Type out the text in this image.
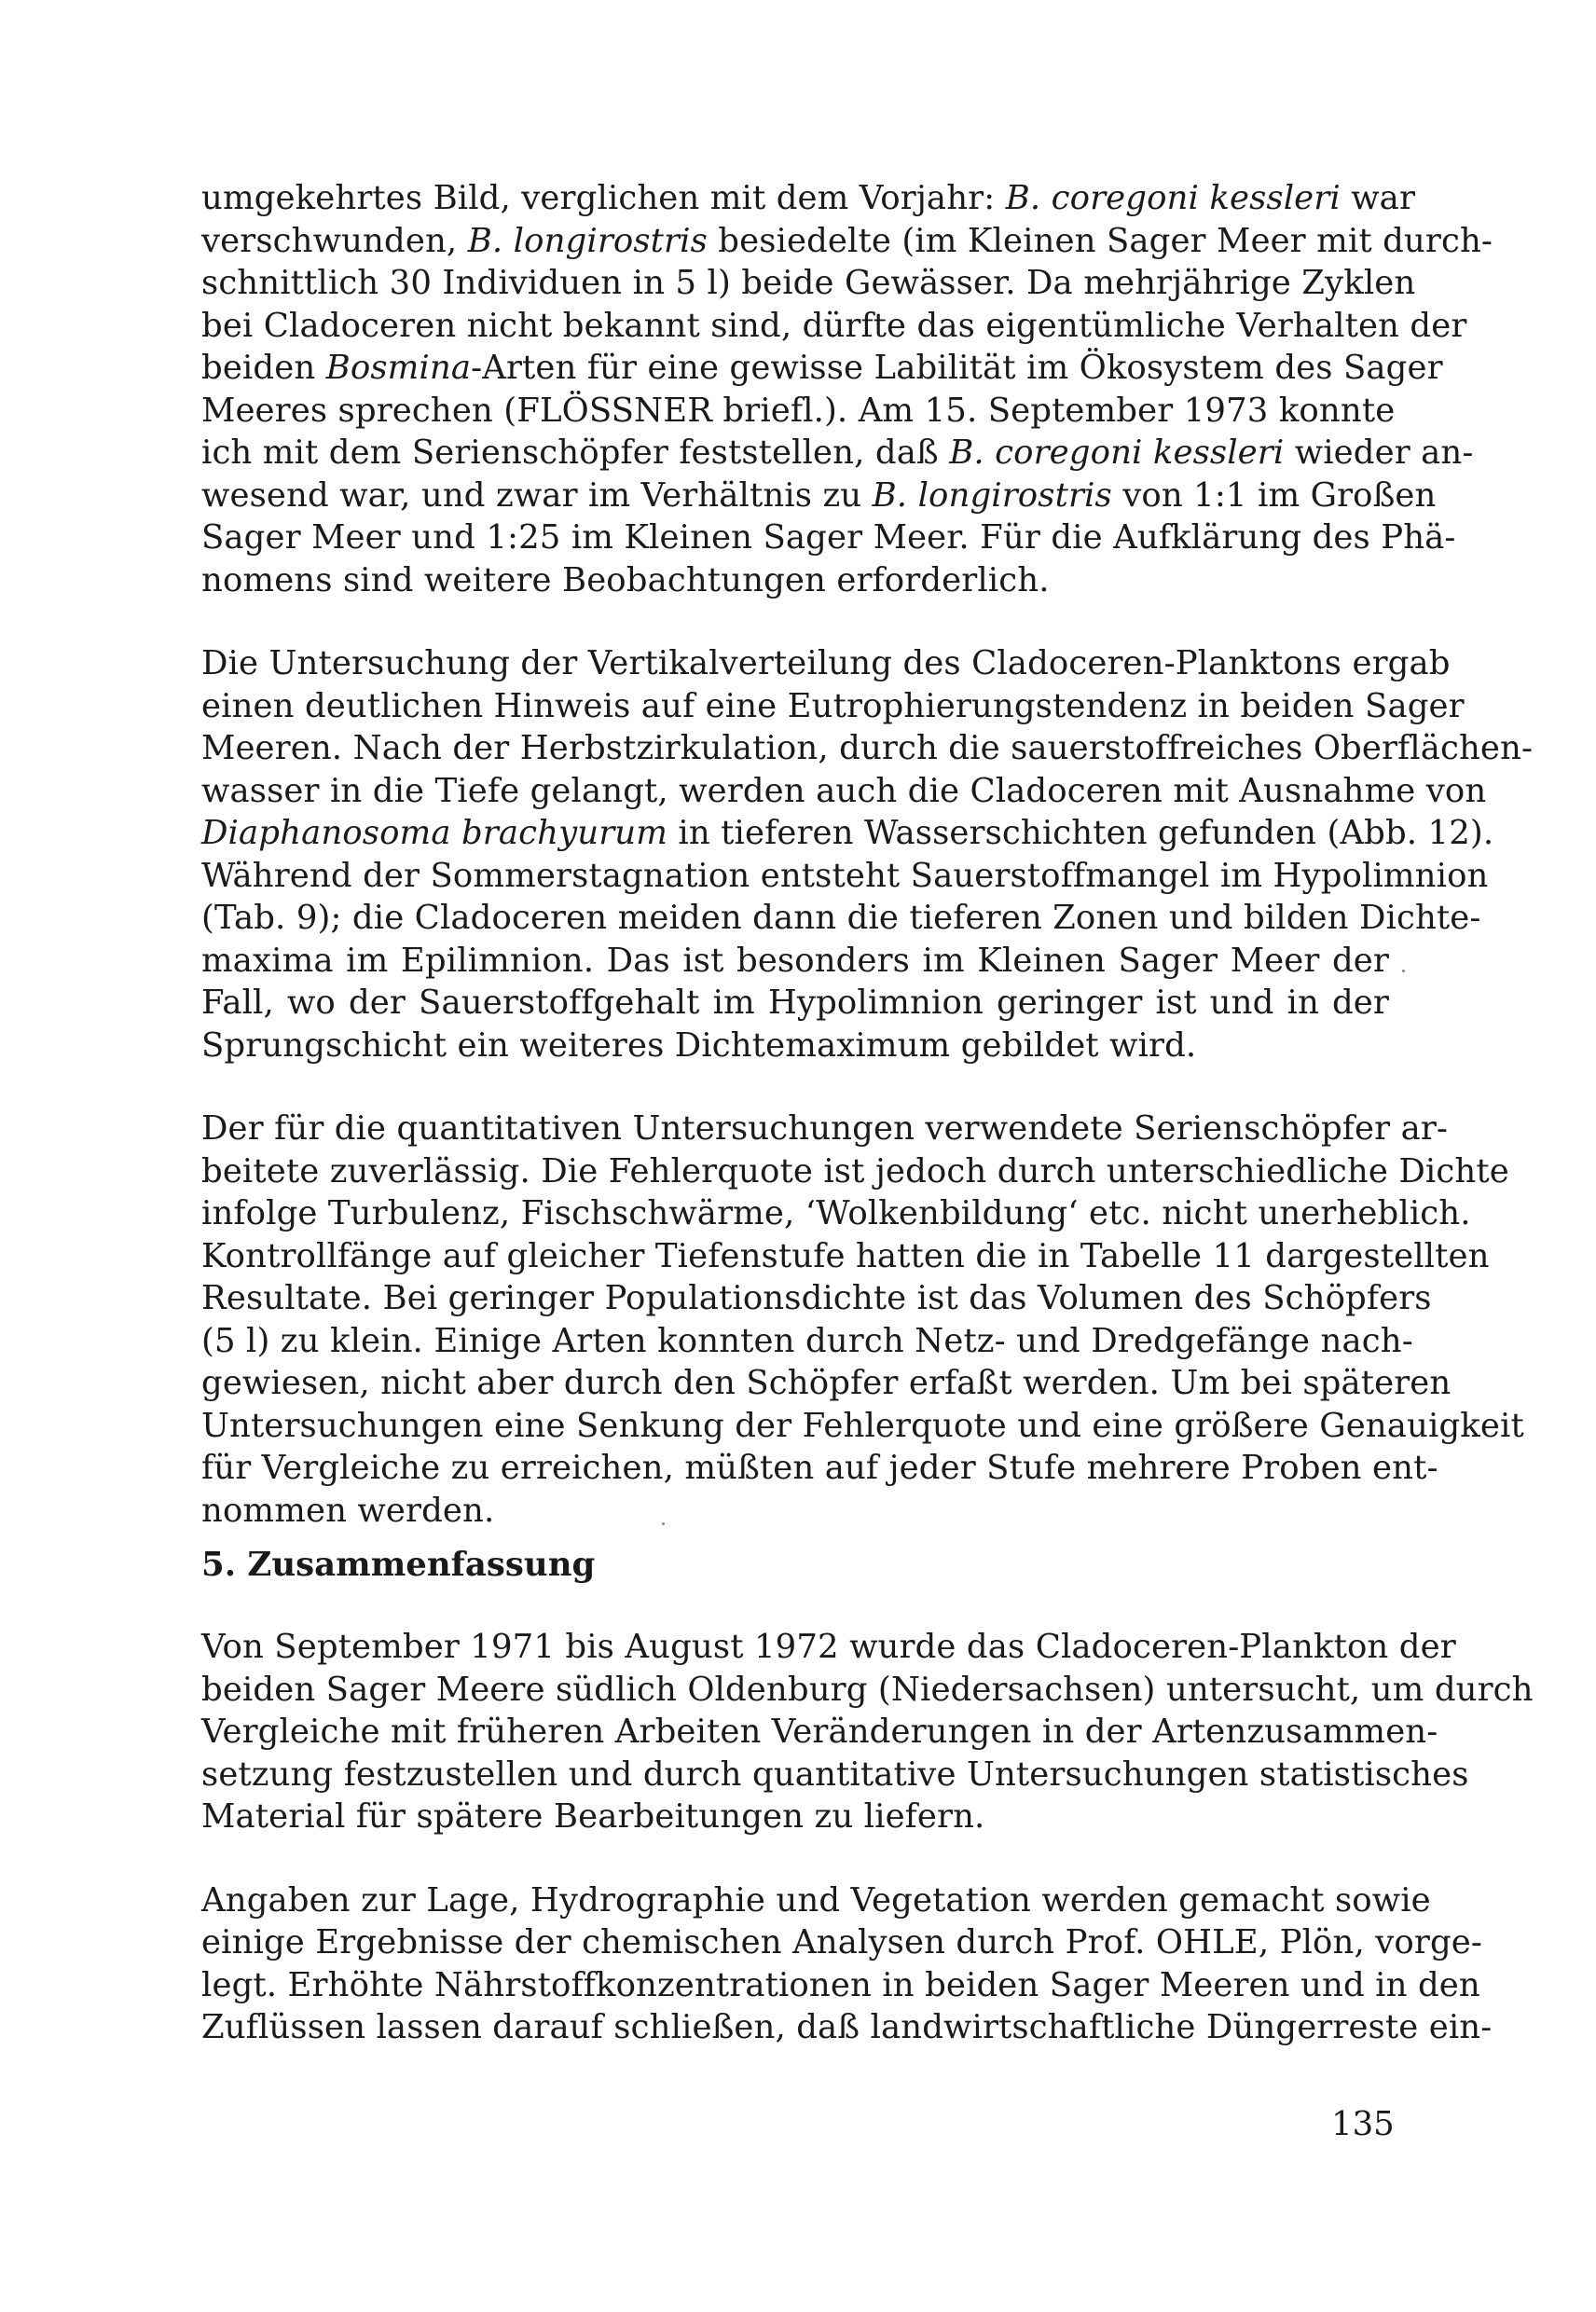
umgekehrtes Bild, verglichen mit dem Vorjahr: B. coregoni kessleri war
verschwunden, B. longirostris besiedelte (im Kleinen Sager Meer mit durch-
schnittlich 30 Individuen in 5 l) beide Gewässer. Da mehrjährige Zyklen
bei Cladoceren nicht bekannt sind, dürfte das eigentümliche Verhalten der
beiden Bosmina-Arten für eine gewisse Labilität im Ökosystem des Sager
Meeres sprechen (FLÖSSNER briefl.). Am 15. September 1973 konnte
ich mit dem Serienschöpfer feststellen, daß B. coregoni kessleri wieder an-
wesend war, und zwar im Verhältnis zu B. longirostris von 1:1 im Großen
Sager Meer und 1:25 im Kleinen Sager Meer. Für die Aufklärung des Phä-
nomens sind weitere Beobachtungen erforderlich.
Die Untersuchung der Vertikalverteilung des Cladoceren-Planktons ergab
einen deutlichen Hinweis auf eine Eutrophierungstendenz in beiden Sager
Meeren. Nach der Herbstzirkulation, durch die sauerstoffreiches Oberflächen-
wasser in die Tiefe gelangt, werden auch die Cladoceren mit Ausnahme von
Diaphanosoma brachyurum in tieferen Wasserschichten gefunden (Abb. 12).
Während der Sommerstagnation entsteht Sauerstoffmangel im Hypolimnion
(Tab. 9); die Cladoceren meiden dann die tieferen Zonen und bilden Dichte-
maxima im Epilimnion. Das ist besonders im Kleinen Sager Meer der
Fall, wo der Sauerstoffgehalt im Hypolimnion geringer ist und in der
Sprungschicht ein weiteres Dichtemaximum gebildet wird.
Der für die quantitativen Untersuchungen verwendete Serienschöpfer ar-
beitete zuverlässig. Die Fehlerquote ist jedoch durch unterschiedliche Dichte
infolge Turbulenz, Fischschwärme, ‘Wolkenbildung‘ etc. nicht unerheblich.
Kontrollfänge auf gleicher Tiefenstufe hatten die in Tabelle 11 dargestellten
Resultate. Bei geringer Populationsdichte ist das Volumen des Schöpfers
(5 l) zu klein. Einige Arten konnten durch Netz- und Dredgefänge nach-
gewiesen, nicht aber durch den Schöpfer erfaßt werden. Um bei späteren
Untersuchungen eine Senkung der Fehlerquote und eine größere Genauigkeit
für Vergleiche zu erreichen, müßten auf jeder Stufe mehrere Proben ent-
nommen werden.
5. Zusammenfassung
Von September 1971 bis August 1972 wurde das Cladoceren-Plankton der
beiden Sager Meere südlich Oldenburg (Niedersachsen) untersucht, um durch
Vergleiche mit früheren Arbeiten Veränderungen in der Artenzusammen-
setzung festzustellen und durch quantitative Untersuchungen statistisches
Material für spätere Bearbeitungen zu liefern.
Angaben zur Lage, Hydrographie und Vegetation werden gemacht sowie
einige Ergebnisse der chemischen Analysen durch Prof. OHLE, Plön, vorge-
legt. Erhöhte Nährstoffkonzentrationen in beiden Sager Meeren und in den
Zuflüssen lassen darauf schließen, daß landwirtschaftliche Düngerreste ein-
135
